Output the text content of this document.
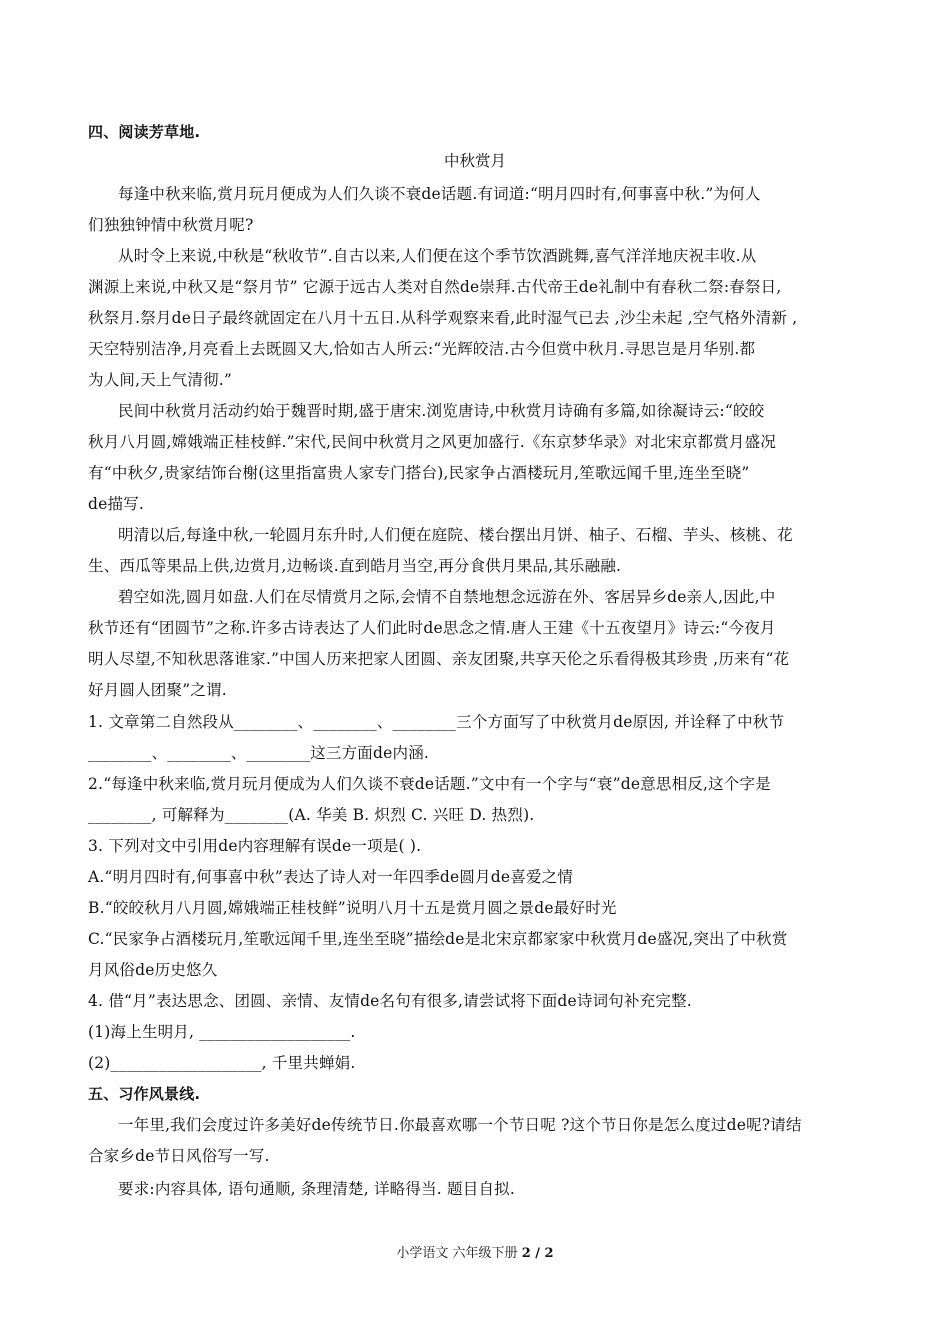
四、阅读芳草地.
中秋赏月
每逢中秋来临,赏月玩月便成为人们久谈不衰de话题.有词道:“明月四时有,何事喜中秋.”为何人
们独独钟情中秋赏月呢?
从时令上来说,中秋是“秋收节”.自古以来,人们便在这个季节饮酒跳舞,喜气洋洋地庆祝丰收.从
渊源上来说,中秋又是“祭月节” 它源于远古人类对自然de崇拜.古代帝王de礼制中有春秋二祭:春祭日,
秋祭月.祭月de日子最终就固定在八月十五日.从科学观察来看,此时湿气已去 ,沙尘未起 ,空气格外清新 ,
天空特别洁净,月亮看上去既圆又大,恰如古人所云:“光辉皎洁.古今但赏中秋月.寻思岂是月华别.都
为人间,天上气清彻.”
民间中秋赏月活动约始于魏晋时期,盛于唐宋.浏览唐诗,中秋赏月诗确有多篇,如徐凝诗云:“皎皎
秋月八月圆,嫦娥端正桂枝鲜.”宋代,民间中秋赏月之风更加盛行.《东京梦华录》对北宋京都赏月盛况
有“中秋夕,贵家结饰台榭(这里指富贵人家专门搭台),民家争占酒楼玩月,笙歌远闻千里,连坐至晓”
de描写.
明清以后,每逢中秋,一轮圆月东升时,人们便在庭院、楼台摆出月饼、柚子、石榴、芋头、核桃、花
生、西瓜等果品上供,边赏月,边畅谈.直到皓月当空,再分食供月果品,其乐融融.
碧空如洗,圆月如盘.人们在尽情赏月之际,会情不自禁地想念远游在外、客居异乡de亲人,因此,中
秋节还有“团圆节”之称.许多古诗表达了人们此时de思念之情.唐人王建《十五夜望月》诗云:“今夜月
明人尽望,不知秋思落谁家.”中国人历来把家人团圆、亲友团聚,共享天伦之乐看得极其珍贵 ,历来有“花
好月圆人团聚”之谓.
1. 文章第二自然段从________、________、________三个方面写了中秋赏月de原因, 并诠释了中秋节
________、________、________这三方面de内涵.
2.“每逢中秋来临,赏月玩月便成为人们久谈不衰de话题.”文中有一个字与“衰”de意思相反,这个字是
________, 可解释为________(A. 华美 B. 炽烈 C. 兴旺 D. 热烈).
3. 下列对文中引用de内容理解有误de一项是( ).
A.“明月四时有,何事喜中秋”表达了诗人对一年四季de圆月de喜爱之情
B.“皎皎秋月八月圆,嫦娥端正桂枝鲜”说明八月十五是赏月圆之景de最好时光
C.“民家争占酒楼玩月,笙歌远闻千里,连坐至晓”描绘de是北宋京都家家中秋赏月de盛况,突出了中秋赏
月风俗de历史悠久
4. 借“月”表达思念、团圆、亲情、友情de名句有很多,请尝试将下面de诗词句补充完整.
(1)海上生明月, ___________________.
(2)___________________, 千里共蝉娟.
五、习作风景线.
一年里,我们会度过许多美好de传统节日.你最喜欢哪一个节日呢 ?这个节日你是怎么度过de呢?请结
合家乡de节日风俗写一写.
要求:内容具体, 语句通顺, 条理清楚, 详略得当. 题目自拟.
小学语文 六年级下册 2 / 2
